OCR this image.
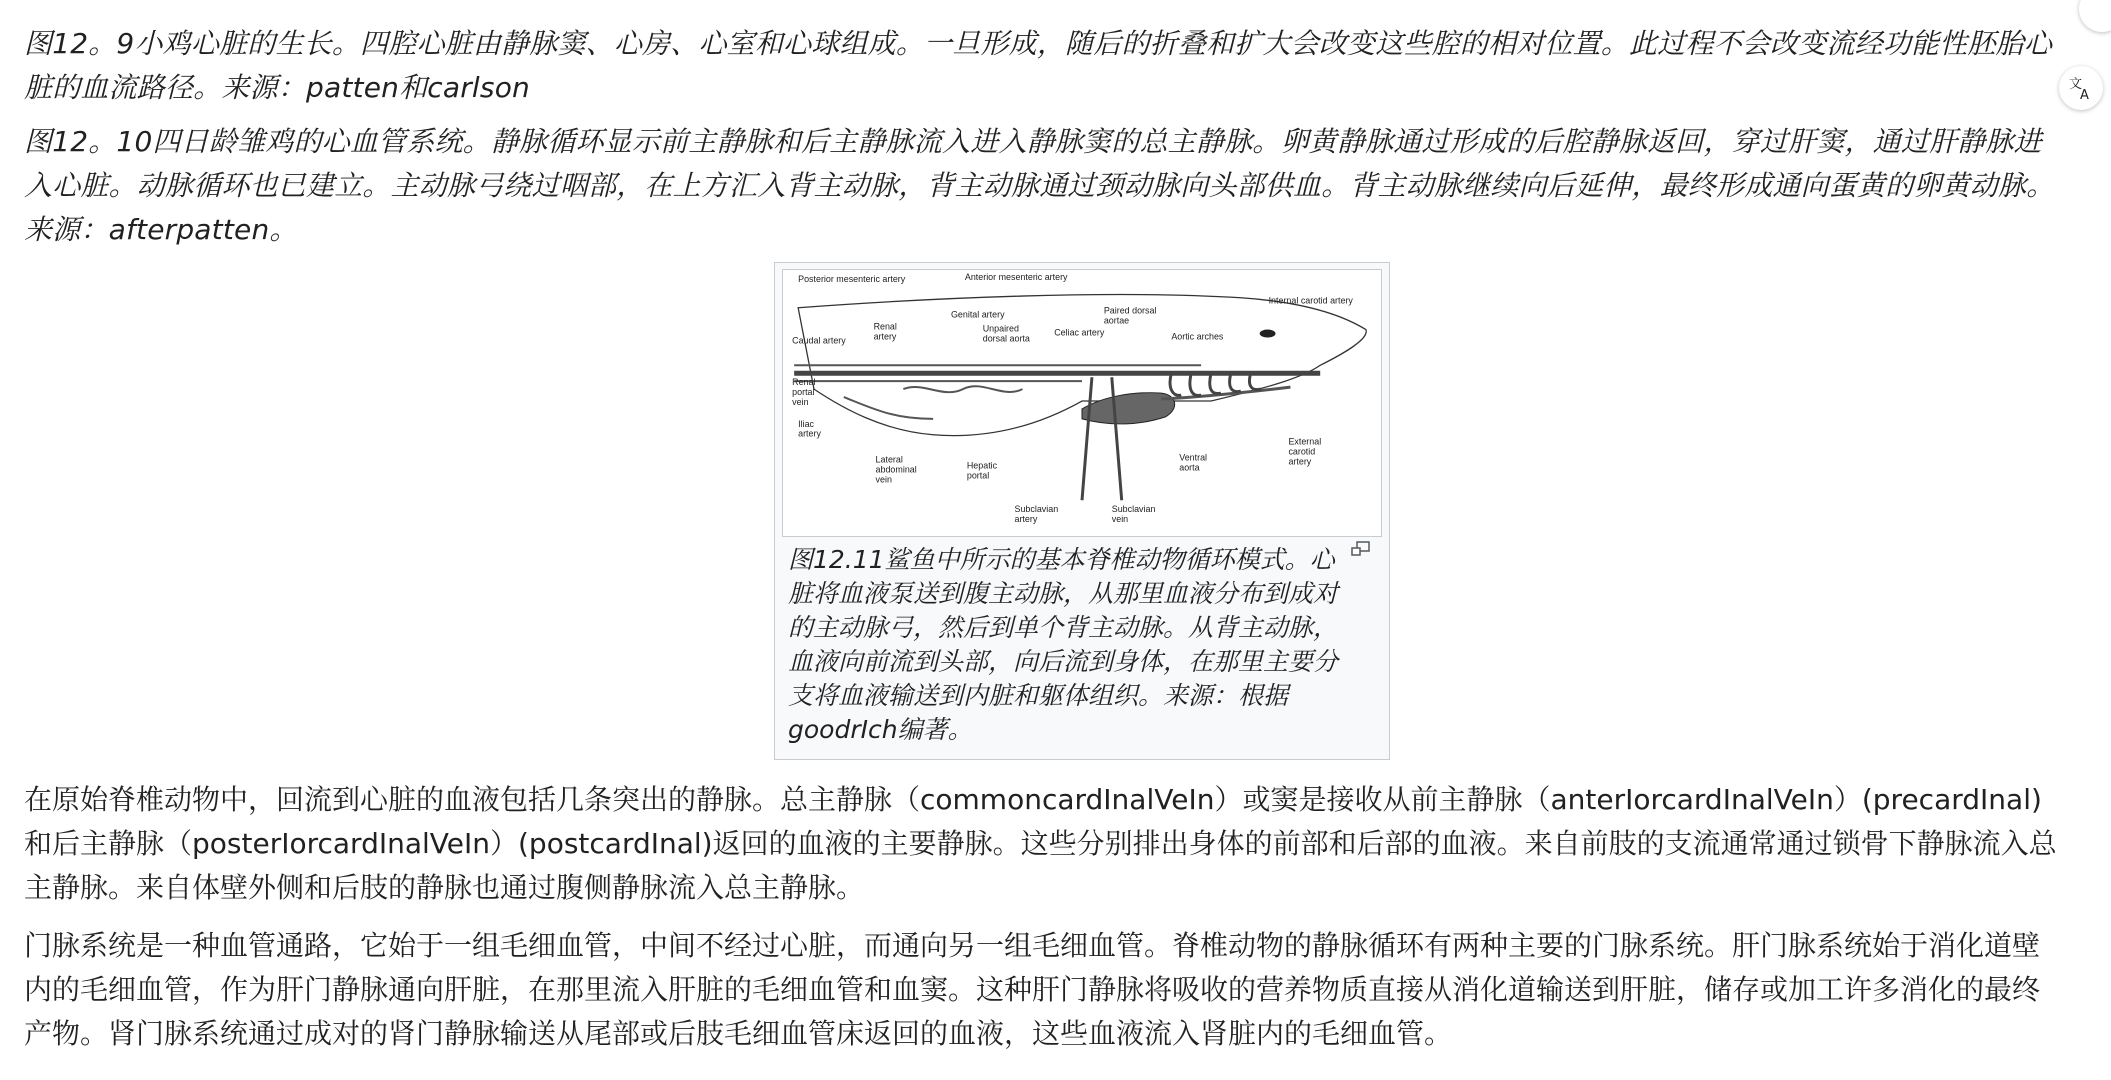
图12。9小鸡心脏的生长。四腔心脏由静脉窦、心房、心室和心球组成。一旦形成，随后的折叠和扩大会改变这些腔的相对位置。此过程不会改变流经功能性胚胎心脏的血流路径。来源：patten和carlson

图12。10四日龄雏鸡的心血管系统。静脉循环显示前主静脉和后主静脉流入进入静脉窦的总主静脉。卵黄静脉通过形成的后腔静脉返回，穿过肝窦，通过肝静脉进入心脏。动脉循环也已建立。主动脉弓绕过咽部，在上方汇入背主动脉，背主动脉通过颈动脉向头部供血。背主动脉继续向后延伸，最终形成通向蛋黄的卵黄动脉。来源：afterpatten。

Posterior mesenteric artery	Anterior mesenteric artery
Internal carotid artery
Genital artery	Paired dorsal
aortae
Renal
artery
Unpaired
dorsal aorta
Celiac artery	Aortic arches
Caudal artery
Renal
portal
vein
Iliac
artery
Lateral
abdominal
vein
Hepatic
portal
Ventral
aorta
External
carotid
artery
Subclavian
artery
Subclavian
vein
图12.11鲨鱼中所示的基本脊椎动物循环模式。心脏将血液泵送到腹主动脉，从那里血液分布到成对的主动脉弓，然后到单个背主动脉。从背主动脉，血液向前流到头部，向后流到身体，在那里主要分支将血液输送到内脏和躯体组织。来源：根据goodrIch编著。

在原始脊椎动物中，回流到心脏的血液包括几条突出的静脉。总主静脉（commoncardInalVeIn）或窦是接收从前主静脉（anterIorcardInalVeIn）(precardInal)和后主静脉（posterIorcardInalVeIn）(postcardInal)返回的血液的主要静脉。这些分别排出身体的前部和后部的血液。来自前肢的支流通常通过锁骨下静脉流入总主静脉。来自体壁外侧和后肢的静脉也通过腹侧静脉流入总主静脉。

门脉系统是一种血管通路，它始于一组毛细血管，中间不经过心脏，而通向另一组毛细血管。脊椎动物的静脉循环有两种主要的门脉系统。肝门脉系统始于消化道壁内的毛细血管，作为肝门静脉通向肝脏，在那里流入肝脏的毛细血管和血窦。这种肝门静脉将吸收的营养物质直接从消化道输送到肝脏，储存或加工许多消化的最终产物。肾门脉系统通过成对的肾门静脉输送从尾部或后肢毛细血管床返回的血液，这些血液流入肾脏内的毛细血管。

文
A
